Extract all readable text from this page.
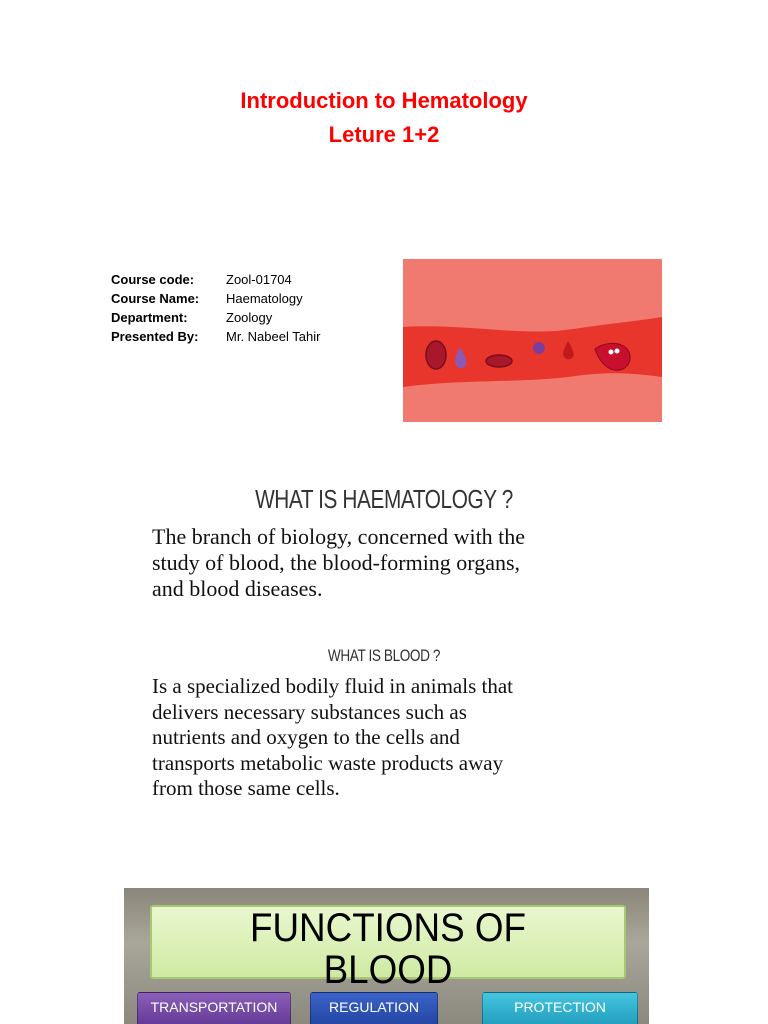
Introduction to Hematology
Leture 1+2
Course code:	Zool-01704
Course Name:	Haematology
Department:	Zoology
Presented By:	Mr. Nabeel Tahir
WHAT IS HAEMATOLOGY ?
The branch of biology, concerned with the
study of blood, the blood-forming organs,
and blood diseases.
WHAT IS BLOOD ?
Is a specialized bodily fluid in animals that
delivers necessary substances such as
nutrients and oxygen to the cells and
transports metabolic waste products away
from those same cells.
FUNCTIONS OF
BLOOD
TRANSPORTATION	REGULATION	PROTECTION
